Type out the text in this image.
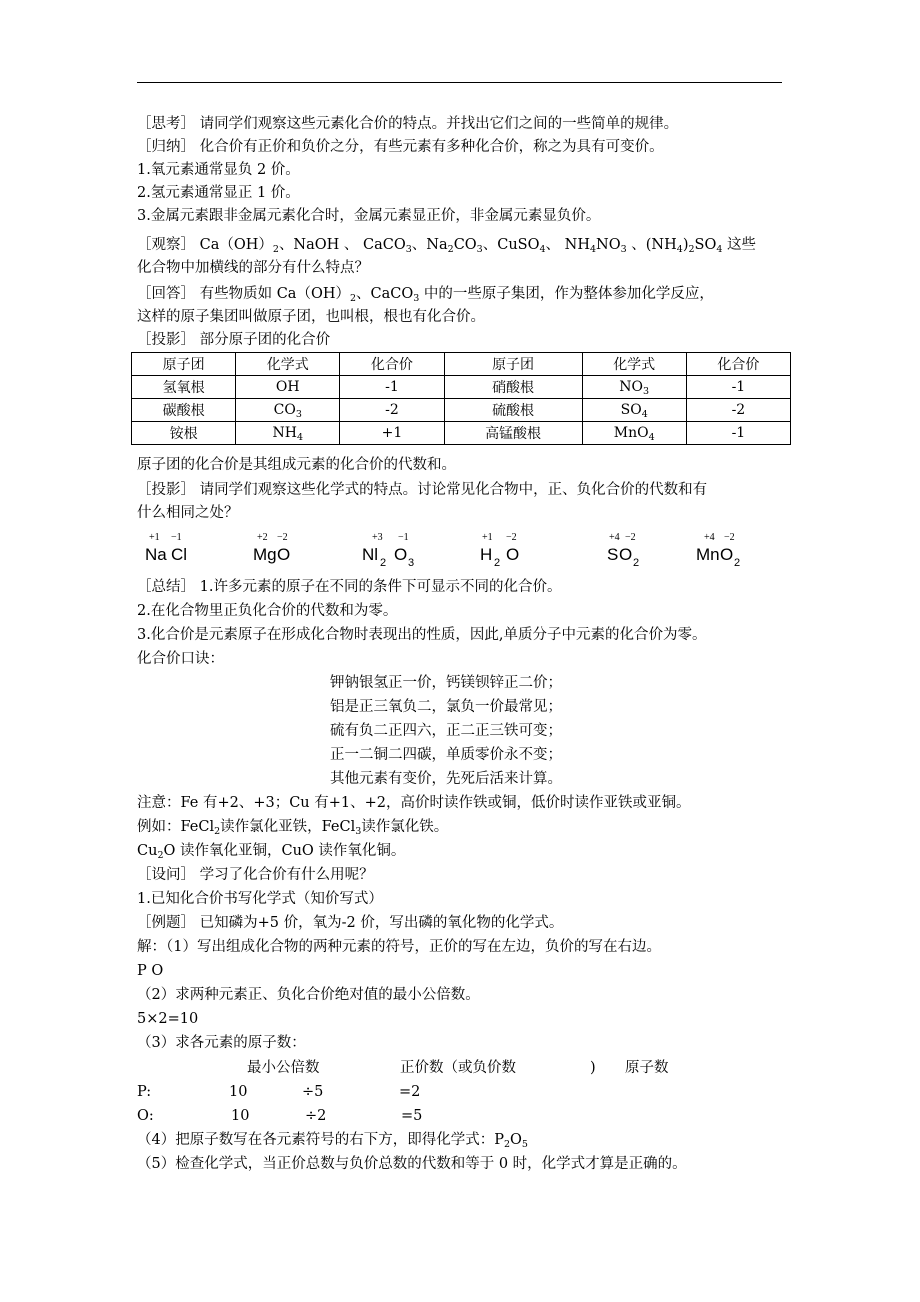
［思考］ 请同学们观察这些元素化合价的特点。并找出它们之间的一些简单的规律。
［归纳］ 化合价有正价和负价之分，有些元素有多种化合价，称之为具有可变价。
1.氧元素通常显负 2 价。
2.氢元素通常显正 1 价。
3.金属元素跟非金属元素化合时，金属元素显正价，非金属元素显负价。
［观察］ $Ca(OH)_2$、NaOH 、 CaCO$_3$、$Na_2CO_3$、CuSO$_4$、 $NH_4NO_3$ 、$(NH_4)_2SO_4$ 这些
化合物中加横线的部分有什么特点？
［回答］ 有些物质如 $Ca(OH)_2$、CaCO$_3$ 中的一些原子集团，作为整体参加化学反应，
这样的原子集团叫做原子团，也叫根，根也有化合价。
［投影］ 部分原子团的化合价
原子团	化学式	化合价	原子团	化学式	化合价
氢氧根	OH	-1	硝酸根	$NO_3$	-1
碳酸根	$CO_3$	-2	硫酸根	$SO_4$	-2
铵根	$NH_4$	+1	高锰酸根	MnO$_4$	-1
原子团的化合价是其组成元素的化合价的代数和。
［投影］ 请同学们观察这些化学式的特点。讨论常见化合物中，正、负化合价的代数和有
什么相同之处？
+1 −1
Na Cl
+2 −2
Mg O
+3 −1
Nl 2 O 3
+1 −2
H 2 O
+4 −2
S O 2
+4 −2
Mn O 2
［总结］ 1.许多元素的原子在不同的条件下可显示不同的化合价。
2.在化合物里正负化合价的代数和为零。
3.化合价是元素原子在形成化合物时表现出的性质，因此,单质分子中元素的化合价为零。
化合价口诀：
钾钠银氢正一价，钙镁钡锌正二价；
铝是正三氧负二，氯负一价最常见；
硫有负二正四六，正二正三铁可变；
正一二铜二四碳，单质零价永不变；
其他元素有变价，先死后活来计算。
注意：Fe 有+2、+3；Cu 有+1、+2，高价时读作铁或铜，低价时读作亚铁或亚铜。
例如：FeCl$_2$读作氯化亚铁，FeCl$_3$读作氯化铁。
$Cu_2O$ 读作氧化亚铜，CuO 读作氧化铜。
［设问］ 学习了化合价有什么用呢？
1.已知化合价书写化学式（知价写式）
［例题］ 已知磷为+5 价，氧为-2 价，写出磷的氧化物的化学式。
解：（1）写出组成化合物的两种元素的符号，正价的写在左边，负价的写在右边。
P O
（2）求两种元素正、负化合价绝对值的最小公倍数。
5×2=10
（3）求各元素的原子数：
最小公倍数	正价数（或负价数	) 原子数
P:	10	÷5	=2
O:	10	÷2	=5
（4）把原子数写在各元素符号的右下方，即得化学式：$P_2O_5$
（5）检查化学式，当正价总数与负价总数的代数和等于 0 时，化学式才算是正确的。
